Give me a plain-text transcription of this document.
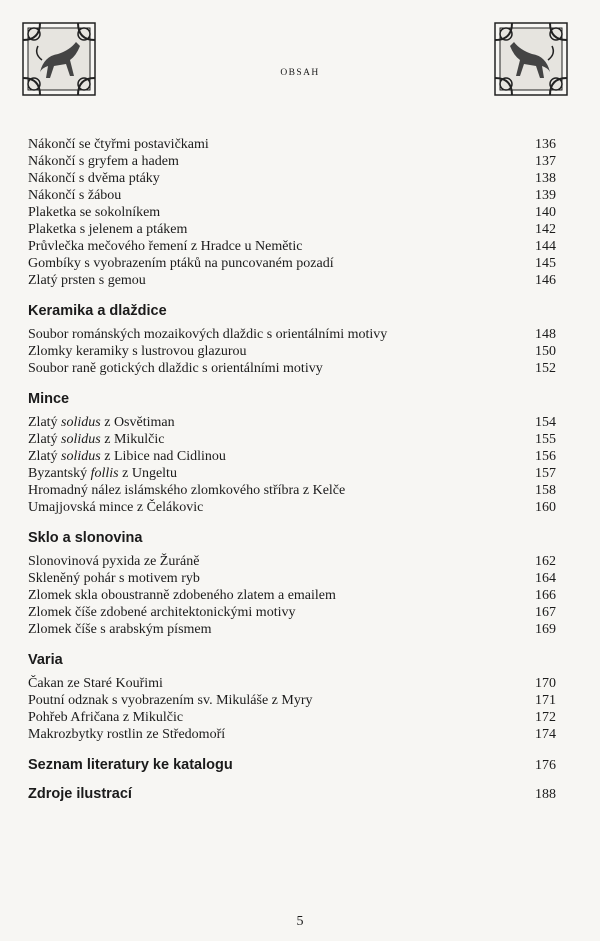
OBSAH
Nákončí se čtyřmi postavičkami	136
Nákončí s gryfem a hadem	137
Nákončí s dvěma ptáky	138
Nákončí s žábou	139
Plaketka se sokolníkem	140
Plaketka s jelenem a ptákem	142
Průvlečka mečového řemení z Hradce u Nemětic	144
Gombíky s vyobrazením ptáků na puncovaném pozadí	145
Zlatý prsten s gemou	146
Keramika a dlaždice
Soubor románských mozaikových dlaždic s orientálními motivy	148
Zlomky keramiky s lustrovou glazurou	150
Soubor raně gotických dlaždic s orientálními motivy	152
Mince
Zlatý solidus z Osvětiman	154
Zlatý solidus z Mikulčic	155
Zlatý solidus z Libice nad Cidlinou	156
Byzantský follis z Ungeltu	157
Hromadný nález islámského zlomkového stříbra z Kelče	158
Umajjovská mince z Čelákovic	160
Sklo a slonovina
Slonovinová pyxida ze Žuráně	162
Skleněný pohár s motivem ryb	164
Zlomek skla oboustranně zdobeného zlatem a emailem	166
Zlomek číše zdobené architektonickými motivy	167
Zlomek číše s arabským písmem	169
Varia
Čakan ze Staré Kouřimi	170
Poutní odznak s vyobrazením sv. Mikuláše z Myry	171
Pohřeb Afričana z Mikulčic	172
Makrozbytky rostlin ze Středomoří	174
Seznam literatury ke katalogu	176
Zdroje ilustrací	188
5
